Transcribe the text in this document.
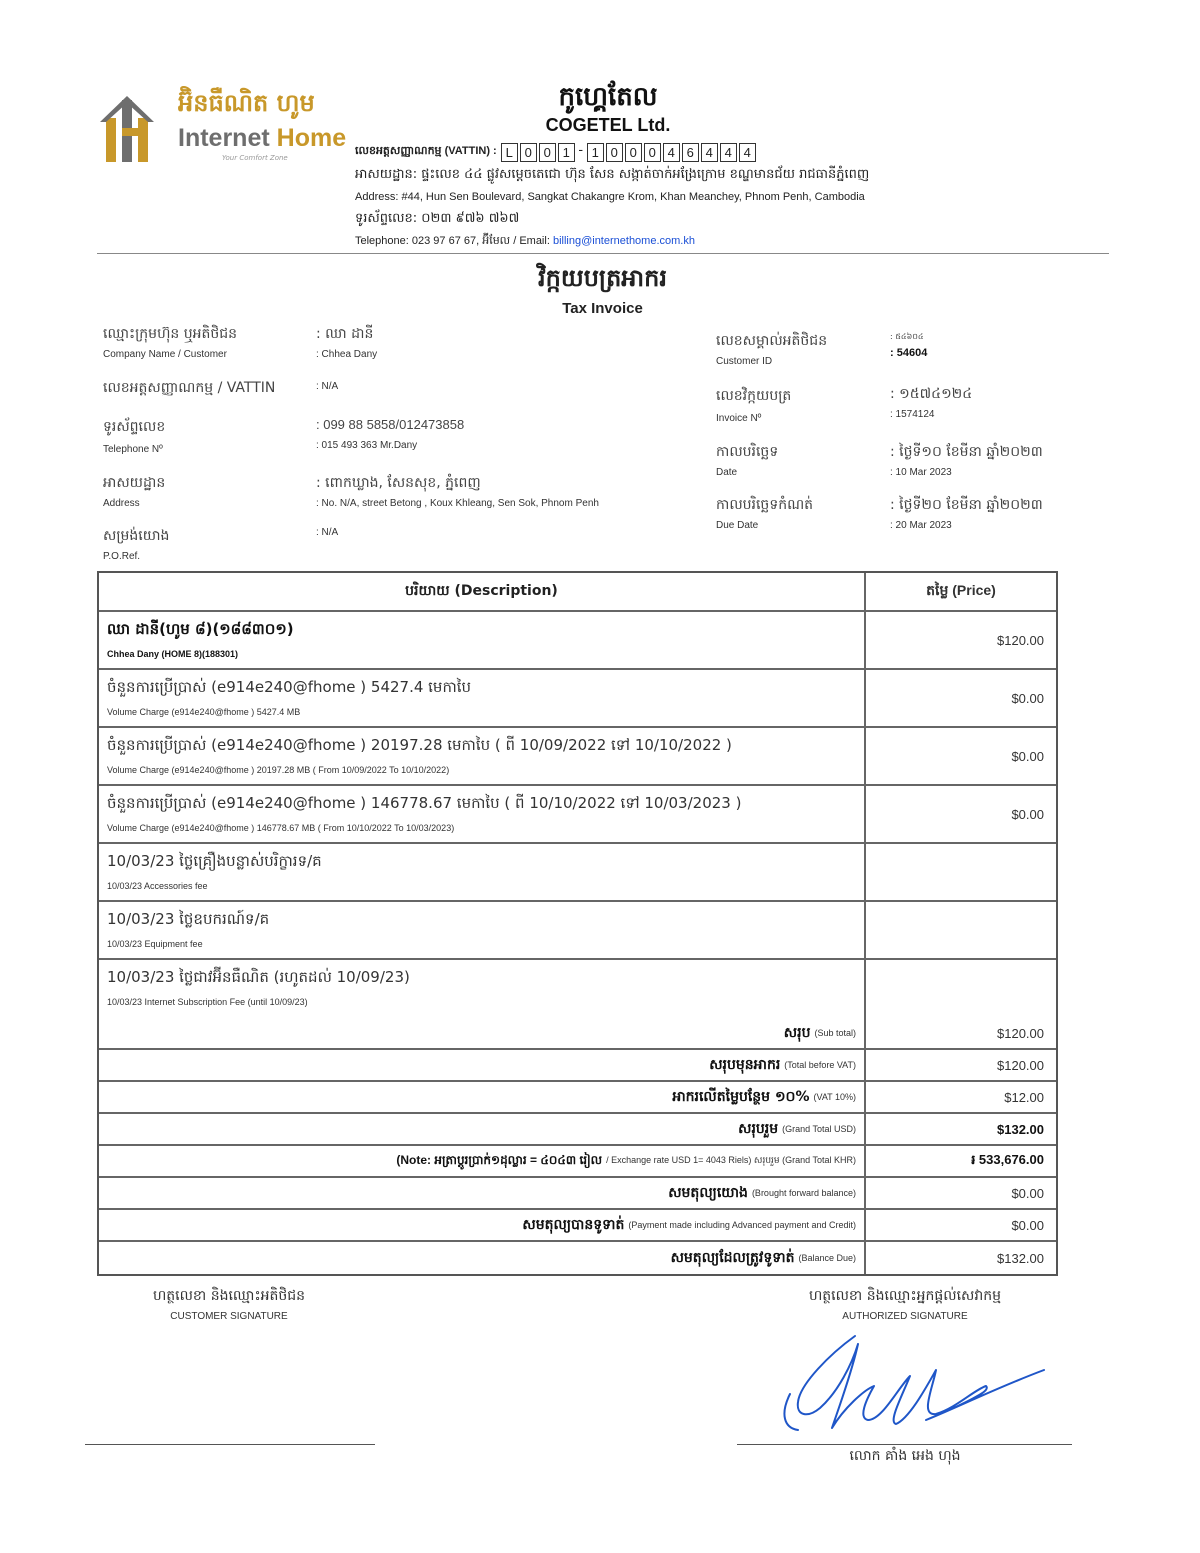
អ៊ិនធឺណិត ហូម
Internet Home
Your Comfort Zone
កូហ្គេតែល
COGETEL Ltd.
លេខអត្តសញ្ញាណកម្ម (VATTIN) : L 0 0 1 - 1 0 0 0 4 6 4 4 4
អាសយដ្ឋាន: ផ្ទះលេខ ៤៤ ផ្លូវសម្តេចតេជោ ហ៊ុន សែន សង្កាត់ចាក់អង្រែក្រោម ខណ្ឌមានជ័យ រាជធានីភ្នំពេញ
Address: #44, Hun Sen Boulevard, Sangkat Chakangre Krom, Khan Meanchey, Phnom Penh, Cambodia
ទូរស័ព្ទលេខ: ០២៣ ៩៧៦ ៧៦៧
Telephone: 023 97 67 67, អ៊ីមែល / Email: billing@internethome.com.kh
វិក្កយបត្រអាករ
Tax Invoice
ឈ្មោះក្រុមហ៊ុន ឬអតិថិជន
Company Name / Customer
: ឈា ដានី
: Chhea Dany
លេខអត្តសញ្ញាណកម្ម / VATTIN	: N/A
ទូរស័ព្ទលេខ
Telephone Nº
: 099 88 5858/012473858
: 015 493 363 Mr.Dany
អាសយដ្ឋាន
Address
: ពោកឃ្លាង, សែនសុខ, ភ្នំពេញ
: No. N/A, street Betong , Koux Khleang, Sen Sok, Phnom Penh
សម្រង់យោង
P.O.Ref.
: N/A
លេខសម្គាល់អតិថិជន
Customer ID
: ៥៤៦០៤
: 54604
លេខវិក្កយបត្រ
Invoice Nº
: ១៥៧៤១២៤
: 1574124
កាលបរិច្ឆេទ
Date
: ថ្ងៃទី១០ ខែមីនា ឆ្នាំ២០២៣
: 10 Mar 2023
កាលបរិច្ឆេទកំណត់
Due Date
: ថ្ងៃទី២០ ខែមីនា ឆ្នាំ២០២៣
: 20 Mar 2023
បរិយាយ (Description)	តម្លៃ (Price)
ឈា ដានី(ហូម ៨)(១៨៨៣០១)
Chhea Dany (HOME 8)(188301)
$120.00
ចំនួនការប្រើប្រាស់ (e914e240@fhome ) 5427.4 មេកាបៃ
Volume Charge (e914e240@fhome ) 5427.4 MB
$0.00
ចំនួនការប្រើប្រាស់ (e914e240@fhome ) 20197.28 មេកាបៃ ( ពី 10/09/2022 ទៅ 10/10/2022 )
Volume Charge (e914e240@fhome ) 20197.28 MB ( From 10/09/2022 To 10/10/2022)
$0.00
ចំនួនការប្រើប្រាស់ (e914e240@fhome ) 146778.67 មេកាបៃ ( ពី 10/10/2022 ទៅ 10/03/2023 )
Volume Charge (e914e240@fhome ) 146778.67 MB ( From 10/10/2022 To 10/03/2023)
$0.00
10/03/23 ថ្លៃគ្រឿងបន្លាស់បរិក្ខារទ/គ
10/03/23 Accessories fee
10/03/23 ថ្លៃឧបករណ៍ទ/គ
10/03/23 Equipment fee
10/03/23 ថ្លៃជាវអ៊ីនធឺណិត (រហូតដល់ 10/09/23)
10/03/23 Internet Subscription Fee (until 10/09/23)
សរុប (Sub total)	$120.00
សរុបមុនអាករ (Total before VAT)	$120.00
អាករលើតម្លៃបន្ថែម ១០% (VAT 10%)	$12.00
សរុបរួម (Grand Total USD)	$132.00
(Note: អត្រាប្តូរប្រាក់១ដុល្លារ = ៤០៤៣ រៀល / Exchange rate USD 1= 4043 Riels) សរុបរួម (Grand Total KHR)	៛ 533,676.00
សមតុល្យយោង (Brought forward balance)	$0.00
សមតុល្យបានទូទាត់ (Payment made including Advanced payment and Credit)	$0.00
សមតុល្យដែលត្រូវទូទាត់ (Balance Due)	$132.00
ហត្ថលេខា និងឈ្មោះអតិថិជន
CUSTOMER SIGNATURE
ហត្ថលេខា និងឈ្មោះអ្នកផ្តល់សេវាកម្ម
AUTHORIZED SIGNATURE
លោក គាំង អេង ហុង
